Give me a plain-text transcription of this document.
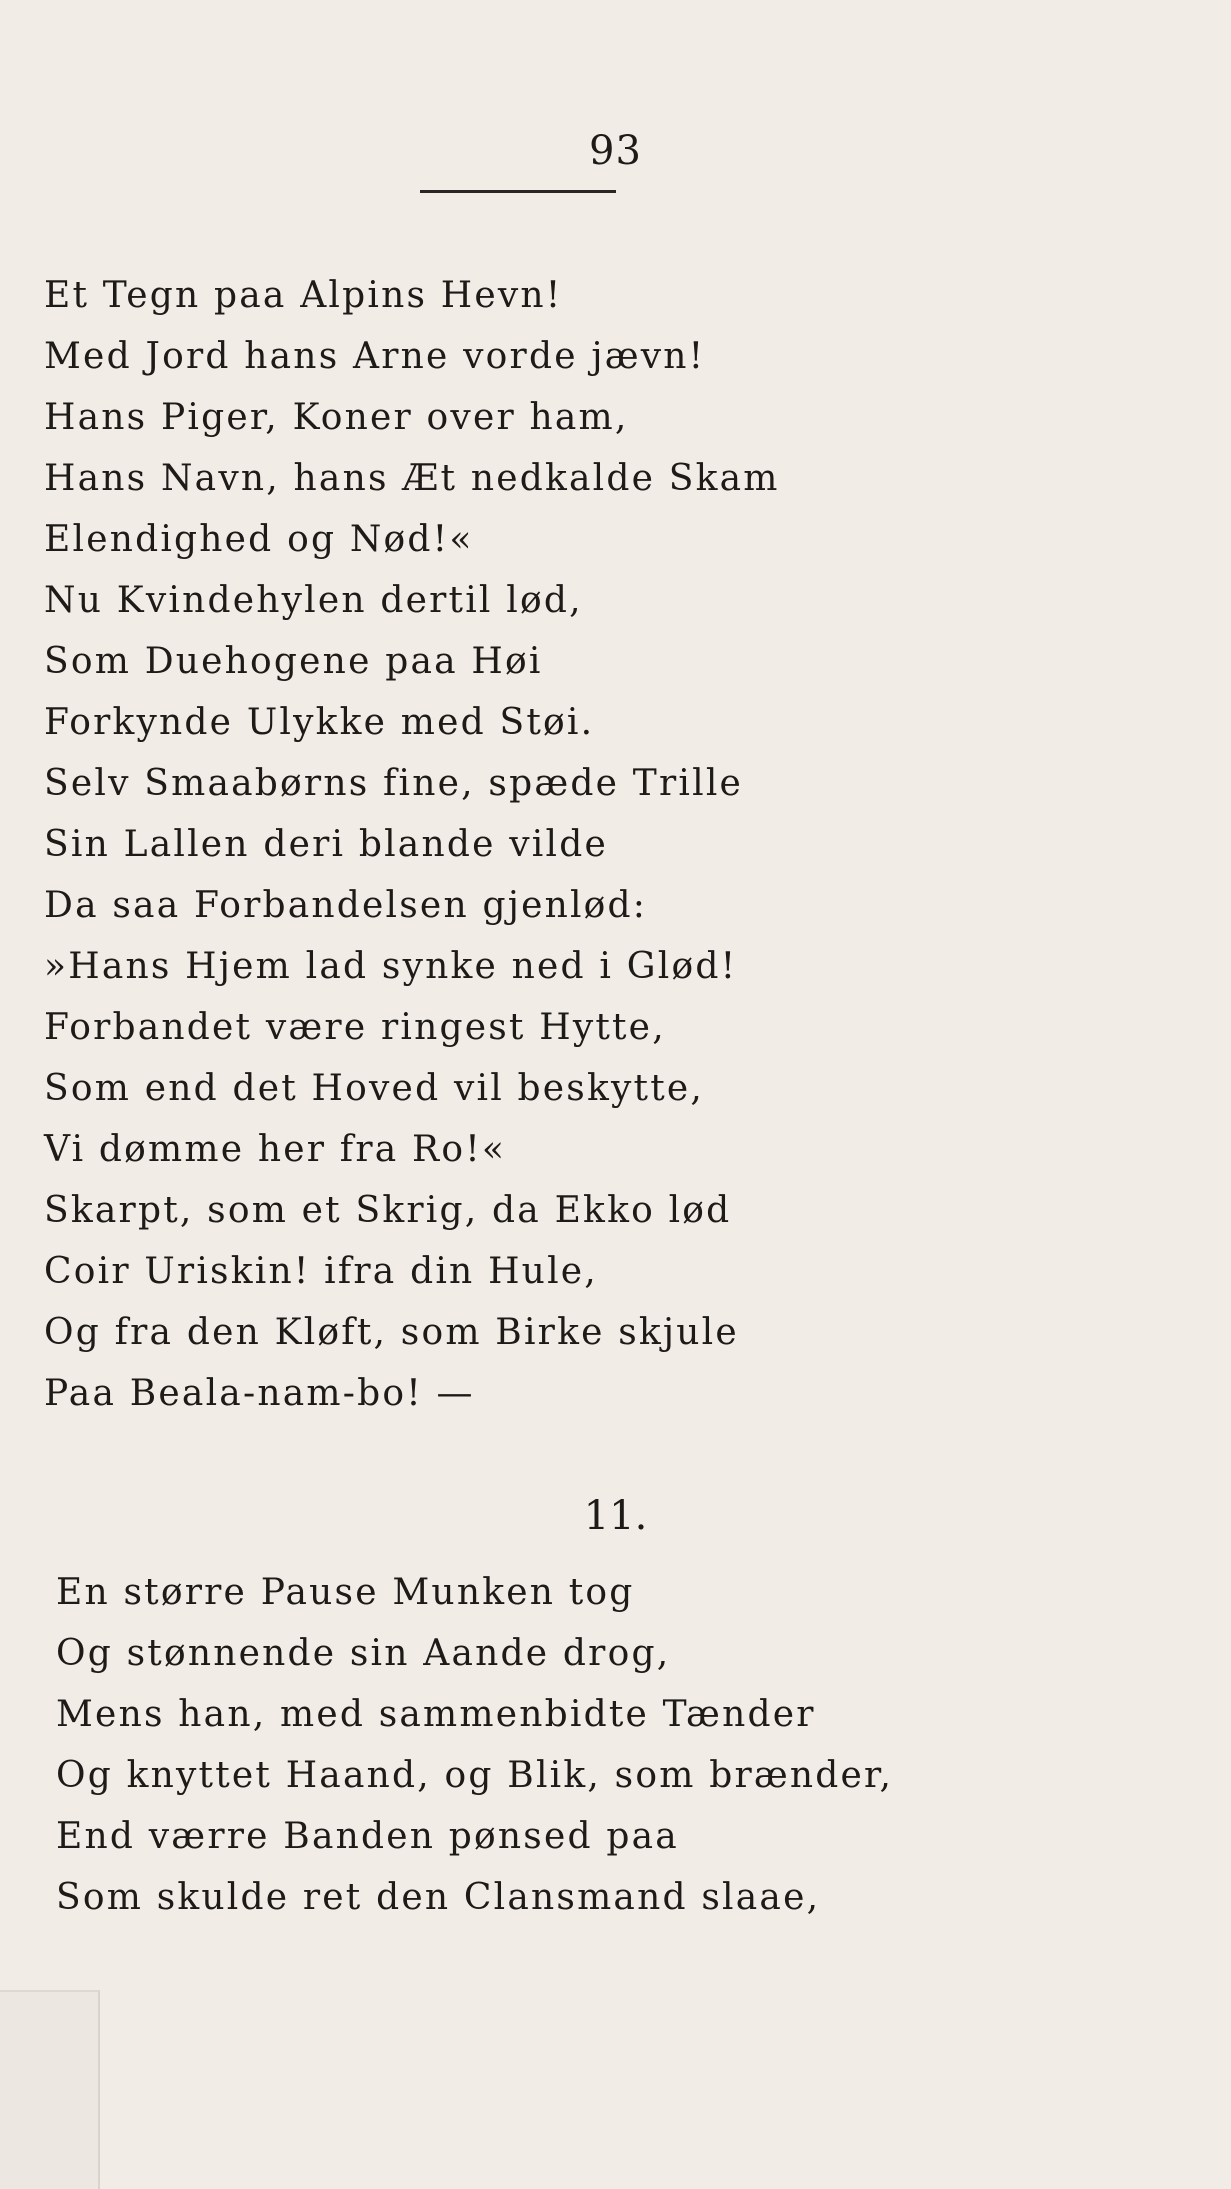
93
Et Tegn paa Alpins Hevn!
Med Jord hans Arne vorde jævn!
Hans Piger, Koner over ham,
Hans Navn, hans Æt nedkalde Skam
Elendighed og Nød!«
Nu Kvindehylen dertil lød,
Som Duehogene paa Høi
Forkynde Ulykke med Støi.
Selv Smaabørns fine, spæde Trille
Sin Lallen deri blande vilde
Da saa Forbandelsen gjenlød:
»Hans Hjem lad synke ned i Glød!
Forbandet være ringest Hytte,
Som end det Hoved vil beskytte,
Vi dømme her fra Ro!«
Skarpt, som et Skrig, da Ekko lød
Coir Uriskin! ifra din Hule,
Og fra den Kløft, som Birke skjule
Paa Beala-nam-bo! —
11.
En større Pause Munken tog
Og stønnende sin Aande drog,
Mens han, med sammenbidte Tænder
Og knyttet Haand, og Blik, som brænder,
End værre Banden pønsed paa
Som skulde ret den Clansmand slaae,
